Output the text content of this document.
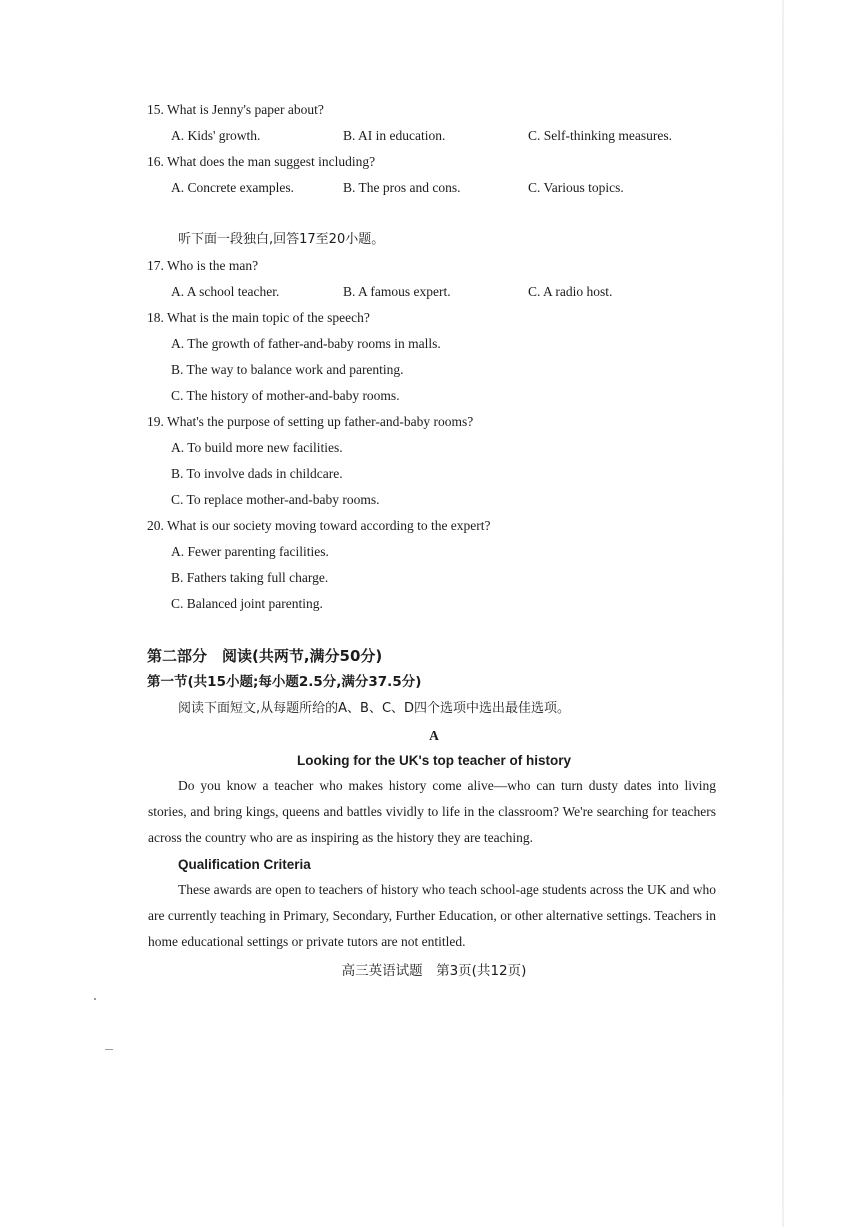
15. What is Jenny's paper about?
A. Kids' growth.	B. AI in education.	C. Self-thinking measures.
16. What does the man suggest including?
A. Concrete examples.	B. The pros and cons.	C. Various topics.
听下面一段独白,回答17至20小题。
17. Who is the man?
A. A school teacher.	B. A famous expert.	C. A radio host.
18. What is the main topic of the speech?
A. The growth of father-and-baby rooms in malls.
B. The way to balance work and parenting.
C. The history of mother-and-baby rooms.
19. What's the purpose of setting up father-and-baby rooms?
A. To build more new facilities.
B. To involve dads in childcare.
C. To replace mother-and-baby rooms.
20. What is our society moving toward according to the expert?
A. Fewer parenting facilities.
B. Fathers taking full charge.
C. Balanced joint parenting.
第二部分　阅读(共两节,满分50分)
第一节(共15小题;每小题2.5分,满分37.5分)
阅读下面短文,从每题所给的A、B、C、D四个选项中选出最佳选项。
A
Looking for the UK's top teacher of history
Do you know a teacher who makes history come alive—who can turn dusty dates into living stories, and bring kings, queens and battles vividly to life in the classroom? We're searching for teachers across the country who are as inspiring as the history they are teaching.
Qualification Criteria
These awards are open to teachers of history who teach school-age students across the UK and who are currently teaching in Primary, Secondary, Further Education, or other alternative settings. Teachers in home educational settings or private tutors are not entitled.
高三英语试题　第3页(共12页)
